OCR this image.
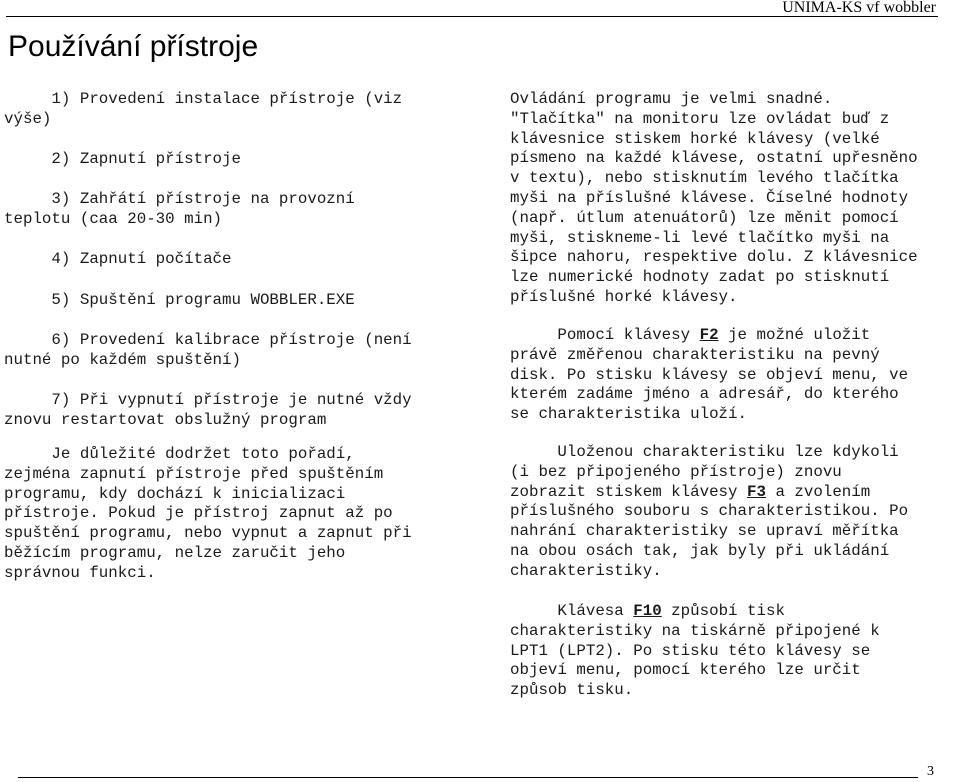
UNIMA-KS vf wobbler
Používání přístroje

1) Provedení instalace přístroje (viz
výše)

2) Zapnutí přístroje

3) Zahřátí přístroje na provozní
teplotu (caa 20-30 min)

4) Zapnutí počítače

5) Spuštění programu WOBBLER.EXE

6) Provedení kalibrace přístroje (není
nutné po každém spuštění)

7) Při vypnutí přístroje je nutné vždy
znovu restartovat obslužný program

Je důležité dodržet toto pořadí,
zejména zapnutí přístroje před spuštěním
programu, kdy dochází k inicializaci
přístroje. Pokud je přístroj zapnut až po
spuštění programu, nebo vypnut a zapnut při
běžícím programu, nelze zaručit jeho
správnou funkci.

Ovládání programu je velmi snadné.
"Tlačítka" na monitoru lze ovládat buď z
klávesnice stiskem horké klávesy (velké
písmeno na každé klávese, ostatní upřesněno
v textu), nebo stisknutím levého tlačítka
myši na příslušné klávese. Číselné hodnoty
(např. útlum atenuátorů) lze měnit pomocí
myši, stiskneme-li levé tlačítko myši na
šipce nahoru, respektive dolu. Z klávesnice
lze numerické hodnoty zadat po stisknutí
příslušné horké klávesy.

Pomocí klávesy F2 je možné uložit
právě změřenou charakteristiku na pevný
disk. Po stisku klávesy se objeví menu, ve
kterém zadáme jméno a adresář, do kterého
se charakteristika uloží.

Uloženou charakteristiku lze kdykoli
(i bez připojeného přístroje) znovu
zobrazit stiskem klávesy F3 a zvolením
příslušného souboru s charakteristikou. Po
nahrání charakteristiky se upraví měřítka
na obou osách tak, jak byly při ukládání
charakteristiky.

Klávesa F10 způsobí tisk
charakteristiky na tiskárně připojené k
LPT1 (LPT2). Po stisku této klávesy se
objeví menu, pomocí kterého lze určit
způsob tisku.

3
